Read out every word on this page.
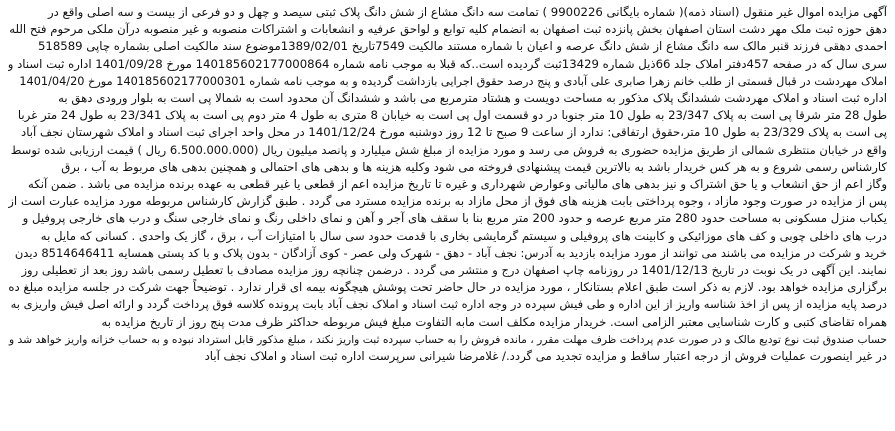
آگهی مزایده اموال غیر منقول (اسناد ذمه)( شماره بایگانی 9900226 ) تمامت سه دانگ مشاع از شش دانگ پلاک ثبتی سیصد و چهل و دو فرعی از بیست و سه اصلی واقع در
دهق حوزه ثبت ملک مهر دشت استان اصفهان بخش پانزده ثبت اصفهان به انضمام کلیه توابع و لواحق عرفیه و انشعابات و اشتراکات منصوبه و غیر منصوبه درآن ملکی مرحوم فتح الله
احمدی دهقی فرزند قنبر مالک سه دانگ مشاع از شش دانگ عرصه و اعیان با شماره مستند مالکیت 7549تاریخ 1389/02/01موضوع سند مالکیت اصلی بشماره چاپی 518589
سری سال که در صفحه 457دفتر املاک جلد 66ذیل شماره 13429ثبت گردیده است..که قبلا به موجب نامه شماره 140185602177000864 مورخ 1401/09/28 اداره ثبت اسناد و
املاک مهردشت در قبال قسمتی از طلب خانم زهرا صابری علی آبادی و پنج درصد حقوق اجرایی بازداشت گردیده و به موجب نامه شماره 140185602177000301 مورخ 1401/04/20
اداره ثبت اسناد و املاک مهردشت ششدانگ پلاک مذکور به مساحت دویست و هشتاد مترمربع می باشد و ششدانگ آن محدود است به شمالا پی است به بلوار ورودی دهق به
طول 28 متر شرقا پی است به پلاک 23/347 به طول 10 متر جنوبا در دو قسمت اول پی است به خیابان 8 متری به طول 4 متر دوم پی است به پلاک 23/341 به طول 24 متر غربا
پی است به پلاک 23/329 به طول 10 متر،حقوق ارتفاقی: ندارد از ساعت 9 صبح تا 12 روز دوشنبه مورخ 1401/12/24 در محل واحد اجرای ثبت اسناد و املاک شهرستان نجف آباد
واقع در خیابان منتظری شمالی از طریق مزایده حضوری به فروش می رسد و مورد مزایده از مبلغ شش میلیارد و پانصد میلیون ریال (6.500.000.000 ریال ) قیمت ارزیابی شده توسط
کارشناس رسمی شروع و به هر کس خریدار باشد به بالاترین قیمت پیشنهادی فروخته می شود وکلیه هزینه ها و بدهی های احتمالی و همچنین بدهی های مربوط به آب ، برق
وگاز اعم از حق انشعاب و یا حق اشتراک و نیز بدهی های مالیاتی وعوارض شهرداری و غیره تا تاریخ مزایده اعم از قطعی یا غیر قطعی به عهده برنده مزایده می باشد . ضمن آنکه
پس از مزایده در صورت وجود مازاد ، وجوه پرداختی بابت هزینه های فوق از محل مازاد به برنده مزایده مسترد می گردد . طبق گزارش کارشناس مربوطه مورد مزایده عبارت است از
یکباب منزل مسکونی به مساحت حدود 280 متر مربع عرصه و حدود 200 متر مربع بنا با سقف های آجر و آهن و نمای داخلی رنگ و نمای خارجی سنگ و درب های خارجی پروفیل و
درب های داخلی چوبی و کف های موزائیکی و کابینت های پروفیلی و سیستم گرمایشی بخاری با قدمت حدود سی سال با امتیازات آب ، برق ، گاز یک واحدی . کسانی که مایل به
خرید و شرکت در مزایده می باشند می توانند از مورد مزایده بازدید به آدرس: نجف آباد - دهق - شهرک ولی عصر - کوی آزادگان - بدون پلاک و با کد پستی همسایه 8514646411 دیدن
نمایند. این آگهی در یک نوبت در تاریخ 1401/12/13 در روزنامه چاپ اصفهان درج و منتشر می گردد . درضمن چنانچه روز مزایده مصادف با تعطیل رسمی باشد روز بعد از تعطیلی روز
برگزاری مزایده خواهد بود. لازم به ذکر است طبق اعلام بستانکار ، مورد مزایده در حال حاضر تحت پوشش هیچگونه بیمه ای قرار ندارد . توضیحاً جهت شرکت در جلسه مزایده مبلغ ده
درصد پایه مزایده از پس از اخذ شناسه واریز از این اداره و طی فیش سپرده در وجه اداره ثبت اسناد و املاک نجف آباد بابت پرونده کلاسه فوق پرداخت گردد و ارائه اصل فیش واریزی به
همراه تقاضای کتبی و کارت شناسایی معتبر الزامی است. خریدار مزایده مکلف است مابه التفاوت مبلغ فیش مربوطه حداکثر ظرف مدت پنج روز از تاریخ مزایده به
حساب صندوق ثبت نوع تودیع مالک و در صورت عدم پرداخت ظرف مهلت مقرر ، مانده فروش را به حساب سپرده ثبت واریز نکند ، مبلغ مذکور قابل استرداد نبوده و به حساب خزانه واریز خواهد شد و
در غیر اینصورت عملیات فروش از درجه اعتبار ساقط و مزایده تجدید می گردد./ غلامرضا شیرانی سرپرست اداره ثبت اسناد و املاک نجف آباد
